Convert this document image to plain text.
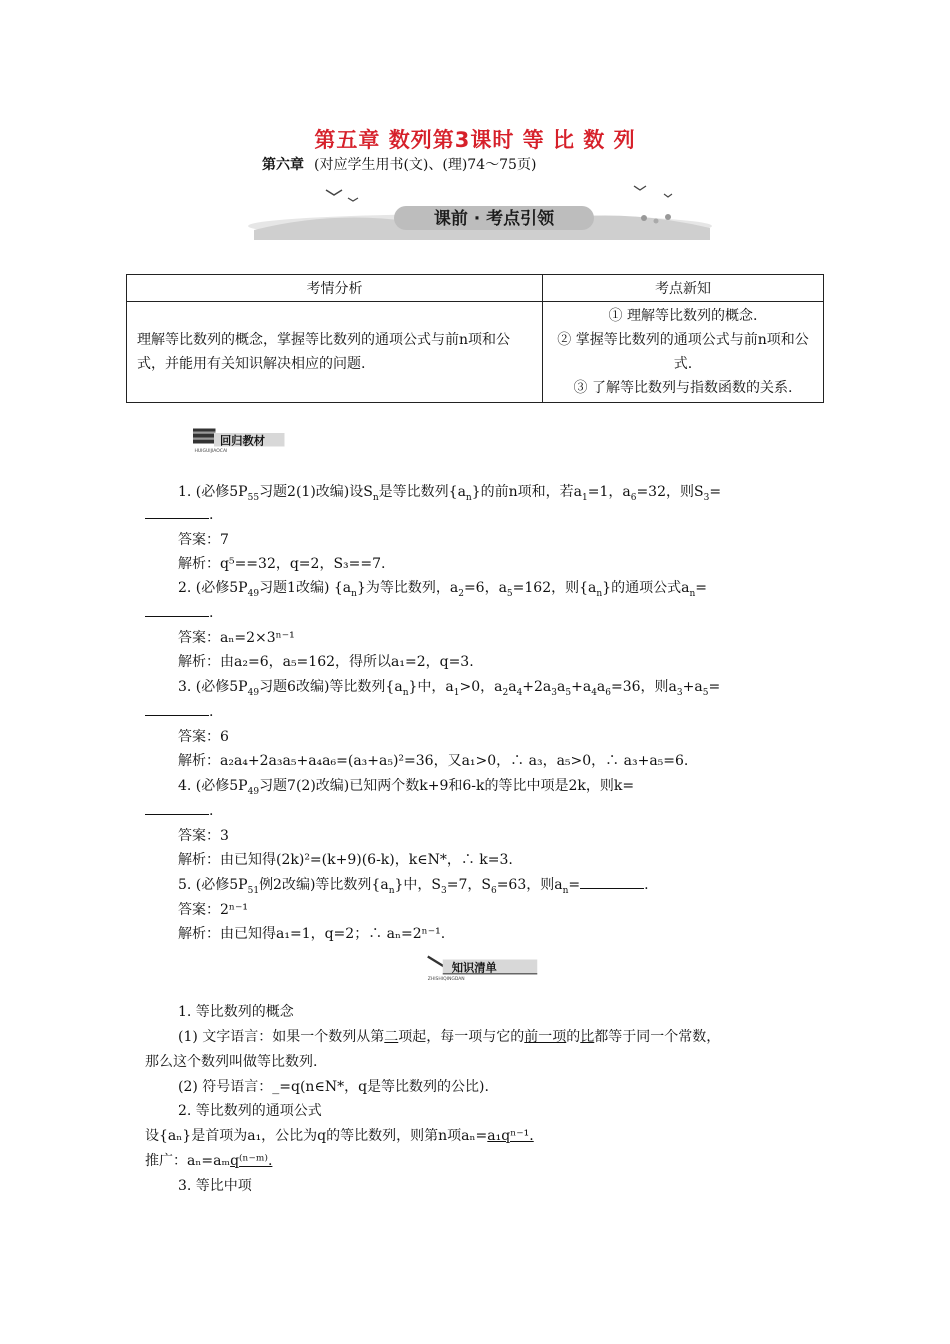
第五章 数列第3课时 等 比 数 列
第六章 (对应学生用书(文)、(理)74～75页)
课前 · 考点引领
考情分析	考点新知
理解等比数列的概念，掌握等比数列的通项公式与前n项和公式，并能用有关知识解决相应的问题.	① 理解等比数列的概念.
② 掌握等比数列的通项公式与前n项和公式.
③ 了解等比数列与指数函数的关系.
回归教材
HUIGUIJIAOCAI
1. (必修$5P_{55}$习题2(1)改编)设$S_n$是等比数列$\{a_n\}$的前n项和，若$a_1=1$，$a_6=32$，则$S_3=$
.
答案：7
解析：q⁵==32，q=2，S₃==7.
2. (必修$5P_{49}$习题1改编) $\{a_n\}$为等比数列，$a_2=6$，$a_5=162$，则$\{a_n\}$的通项公式$a_n=$
.
答案：aₙ=2×3ⁿ⁻¹
解析：由a₂=6，a₅=162，得所以a₁=2，q=3.
3. (必修$5P_{49}$习题6改编)等比数列$\{a_n\}$中，$a_1>0$，$a_2a_4+2a_3a_5+a_4a_6=36$，则$a_3+a_5=$
.
答案：6
解析：a₂a₄+2a₃a₅+a₄a₆=(a₃+a₅)²=36，又a₁>0，∴ a₃，a₅>0，∴ a₃+a₅=6.
4. (必修$5P_{49}$习题7(2)改编)已知两个数k+9和6-k的等比中项是2k，则k=
.
答案：3
解析：由已知得(2k)²=(k+9)(6-k)，k∈N*，∴ k=3.
5. (必修$5P_{51}$例2改编)等比数列$\{a_n\}$中，$S_3=7$，$S_6=63$，则$a_n=$	.
答案：2ⁿ⁻¹
解析：由已知得a₁=1，q=2；∴ aₙ=2ⁿ⁻¹.
知识清单
ZHISHIQINGDAN
1. 等比数列的概念
(1) 文字语言：如果一个数列从第二项起，每一项与它的前一项的比都等于同一个常数，
那么这个数列叫做等比数列.
(2) 符号语言：_=q(n∈N*，q是等比数列的公比).
2. 等比数列的通项公式
设{aₙ}是首项为a₁，公比为q的等比数列，则第n项aₙ=a₁qⁿ⁻¹.
推广：aₙ=aₘq⁽ⁿ⁻ᵐ⁾.
3. 等比中项
